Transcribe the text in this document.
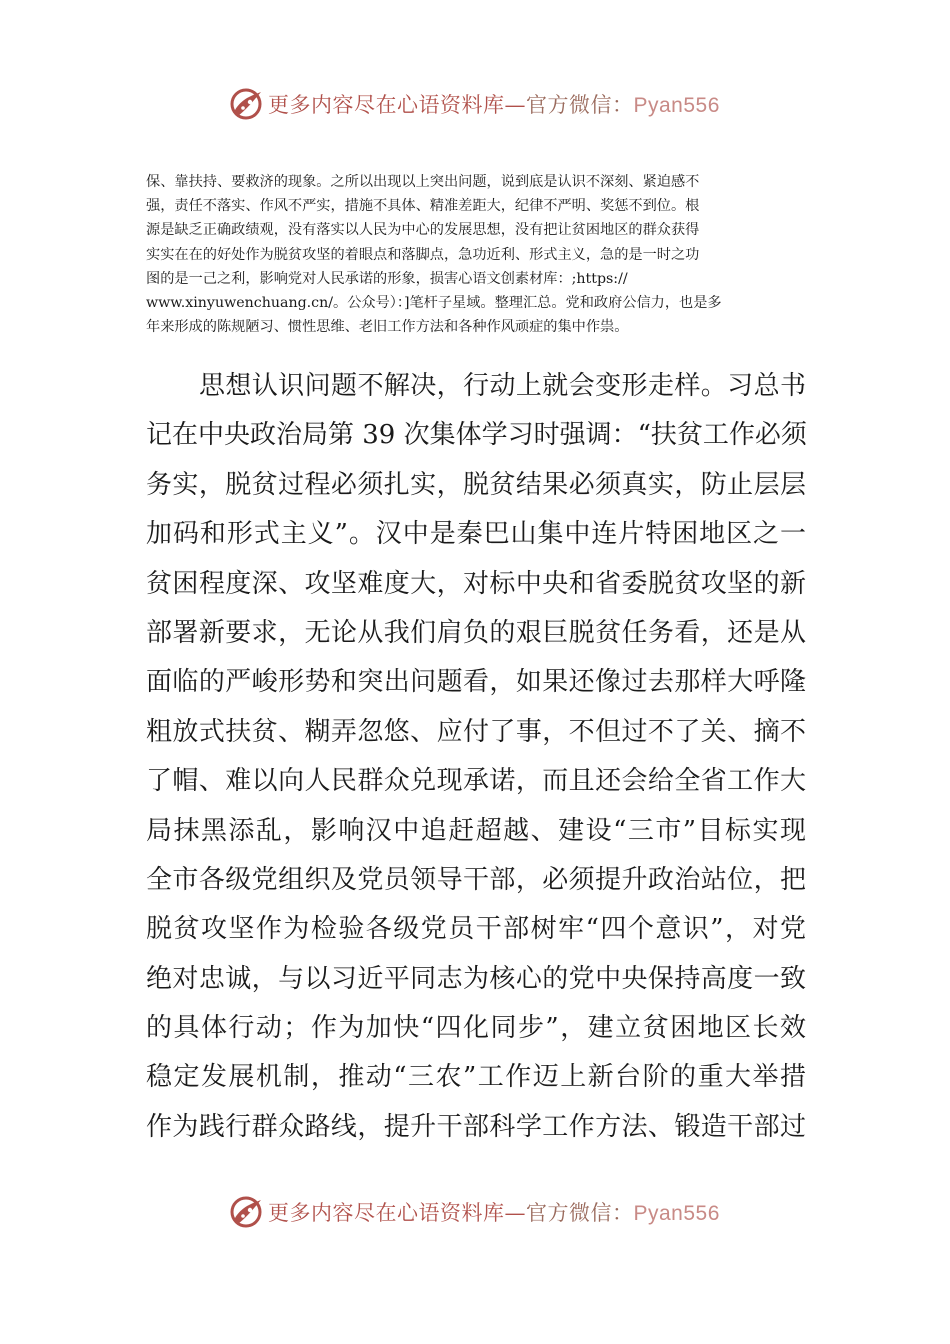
更多内容尽在心语资料库—官方微信：Pyan556
保、靠扶持、要救济的现象。之所以出现以上突出问题，说到底是认识不深刻、紧迫感不
强，责任不落实、作风不严实，措施不具体、精准差距大，纪律不严明、奖惩不到位。根
源是缺乏正确政绩观，没有落实以人民为中心的发展思想，没有把让贫困地区的群众获得
实实在在的好处作为脱贫攻坚的着眼点和落脚点，急功近利、形式主义，急的是一时之功
图的是一己之利，影响党对人民承诺的形象，损害心语文创素材库：;https://
www.xinyuwenchuang.cn/。公众号）：]笔杆子星域。整理汇总。党和政府公信力，也是多
年来形成的陈规陋习、惯性思维、老旧工作方法和各种作风顽症的集中作祟。
思想认识问题不解决，行动上就会变形走样。习总书
记在中央政治局第 39 次集体学习时强调：“扶贫工作必须
务实，脱贫过程必须扎实，脱贫结果必须真实，防止层层
加码和形式主义”。汉中是秦巴山集中连片特困地区之一
贫困程度深、攻坚难度大，对标中央和省委脱贫攻坚的新
部署新要求，无论从我们肩负的艰巨脱贫任务看，还是从
面临的严峻形势和突出问题看，如果还像过去那样大呼隆
粗放式扶贫、糊弄忽悠、应付了事，不但过不了关、摘不
了帽、难以向人民群众兑现承诺，而且还会给全省工作大
局抹黑添乱，影响汉中追赶超越、建设“三市”目标实现
全市各级党组织及党员领导干部，必须提升政治站位，把
脱贫攻坚作为检验各级党员干部树牢“四个意识”，对党
绝对忠诚，与以习近平同志为核心的党中央保持高度一致
的具体行动；作为加快“四化同步”，建立贫困地区长效
稳定发展机制，推动“三农”工作迈上新台阶的重大举措
作为践行群众路线，提升干部科学工作方法、锻造干部过
更多内容尽在心语资料库—官方微信：Pyan556
